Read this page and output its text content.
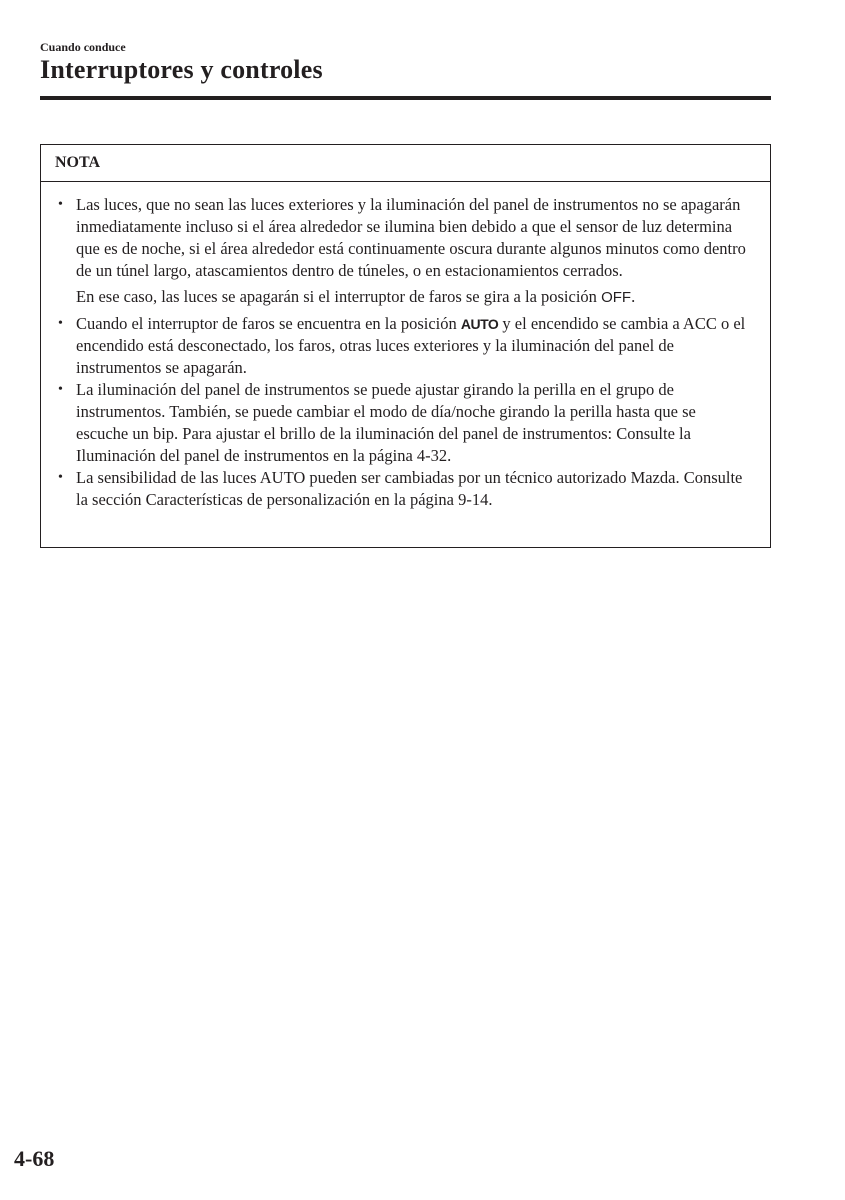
Cuando conduce
Interruptores y controles
NOTA

• Las luces, que no sean las luces exteriores y la iluminación del panel de instrumentos no se apagarán inmediatamente incluso si el área alrededor se ilumina bien debido a que el sensor de luz determina que es de noche, si el área alrededor está continuamente oscura durante algunos minutos como dentro de un túnel largo, atascamientos dentro de túneles, o en estacionamientos cerrados.

En ese caso, las luces se apagarán si el interruptor de faros se gira a la posición OFF.

• Cuando el interruptor de faros se encuentra en la posición AUTO y el encendido se cambia a ACC o el encendido está desconectado, los faros, otras luces exteriores y la iluminación del panel de instrumentos se apagarán.

• La iluminación del panel de instrumentos se puede ajustar girando la perilla en el grupo de instrumentos. También, se puede cambiar el modo de día/noche girando la perilla hasta que se escuche un bip. Para ajustar el brillo de la iluminación del panel de instrumentos: Consulte la Iluminación del panel de instrumentos en la página 4-32.

• La sensibilidad de las luces AUTO pueden ser cambiadas por un técnico autorizado Mazda. Consulte la sección Características de personalización en la página 9-14.

4-68
